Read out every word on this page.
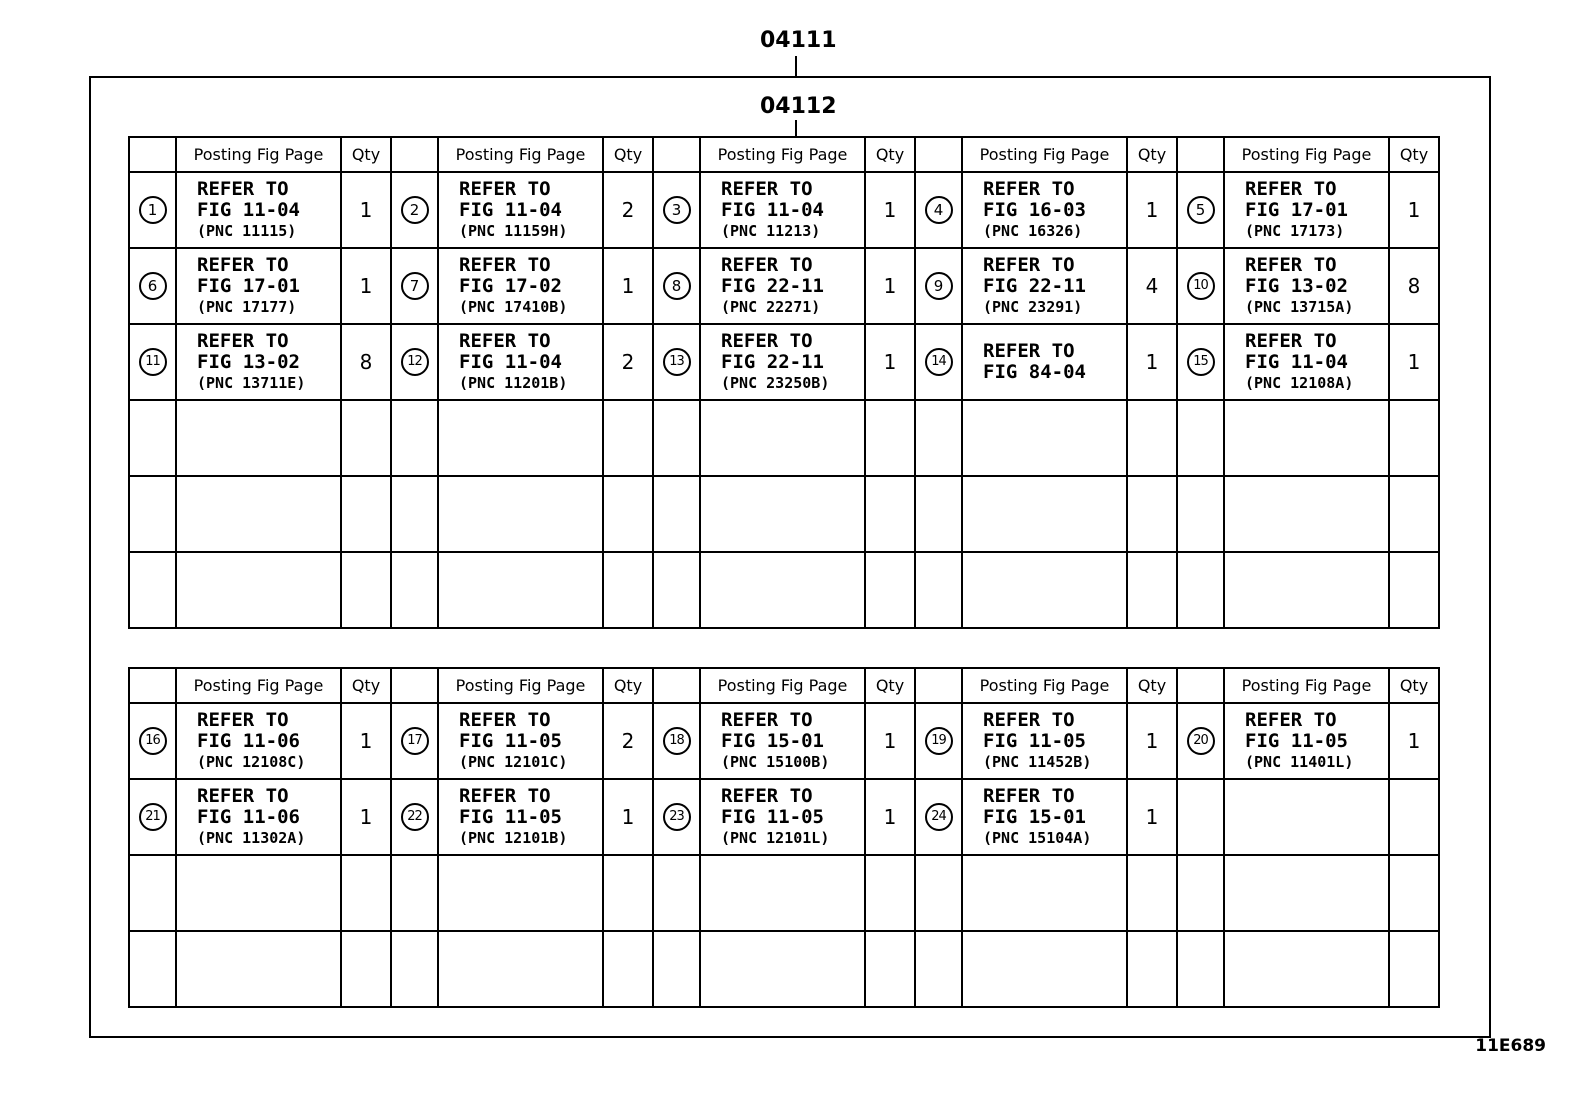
04111
04112
	Posting Fig Page	Qty		Posting Fig Page	Qty		Posting Fig Page	Qty		Posting Fig Page	Qty		Posting Fig Page	Qty
1	REFER TO
FIG 11-04
(PNC 11115)	1	2	REFER TO
FIG 11-04
(PNC 11159H)	2	3	REFER TO
FIG 11-04
(PNC 11213)	1	4	REFER TO
FIG 16-03
(PNC 16326)	1	5	REFER TO
FIG 17-01
(PNC 17173)	1
6	REFER TO
FIG 17-01
(PNC 17177)	1	7	REFER TO
FIG 17-02
(PNC 17410B)	1	8	REFER TO
FIG 22-11
(PNC 22271)	1	9	REFER TO
FIG 22-11
(PNC 23291)	4	10	REFER TO
FIG 13-02
(PNC 13715A)	8
11	REFER TO
FIG 13-02
(PNC 13711E)	8	12	REFER TO
FIG 11-04
(PNC 11201B)	2	13	REFER TO
FIG 22-11
(PNC 23250B)	1	14	REFER TO
FIG 84-04	1	15	REFER TO
FIG 11-04
(PNC 12108A)	1

	Posting Fig Page	Qty		Posting Fig Page	Qty		Posting Fig Page	Qty		Posting Fig Page	Qty		Posting Fig Page	Qty
16	REFER TO
FIG 11-06
(PNC 12108C)	1	17	REFER TO
FIG 11-05
(PNC 12101C)	2	18	REFER TO
FIG 15-01
(PNC 15100B)	1	19	REFER TO
FIG 11-05
(PNC 11452B)	1	20	REFER TO
FIG 11-05
(PNC 11401L)	1
21	REFER TO
FIG 11-06
(PNC 11302A)	1	22	REFER TO
FIG 11-05
(PNC 12101B)	1	23	REFER TO
FIG 11-05
(PNC 12101L)	1	24	REFER TO
FIG 15-01
(PNC 15104A)	1			

11E689
